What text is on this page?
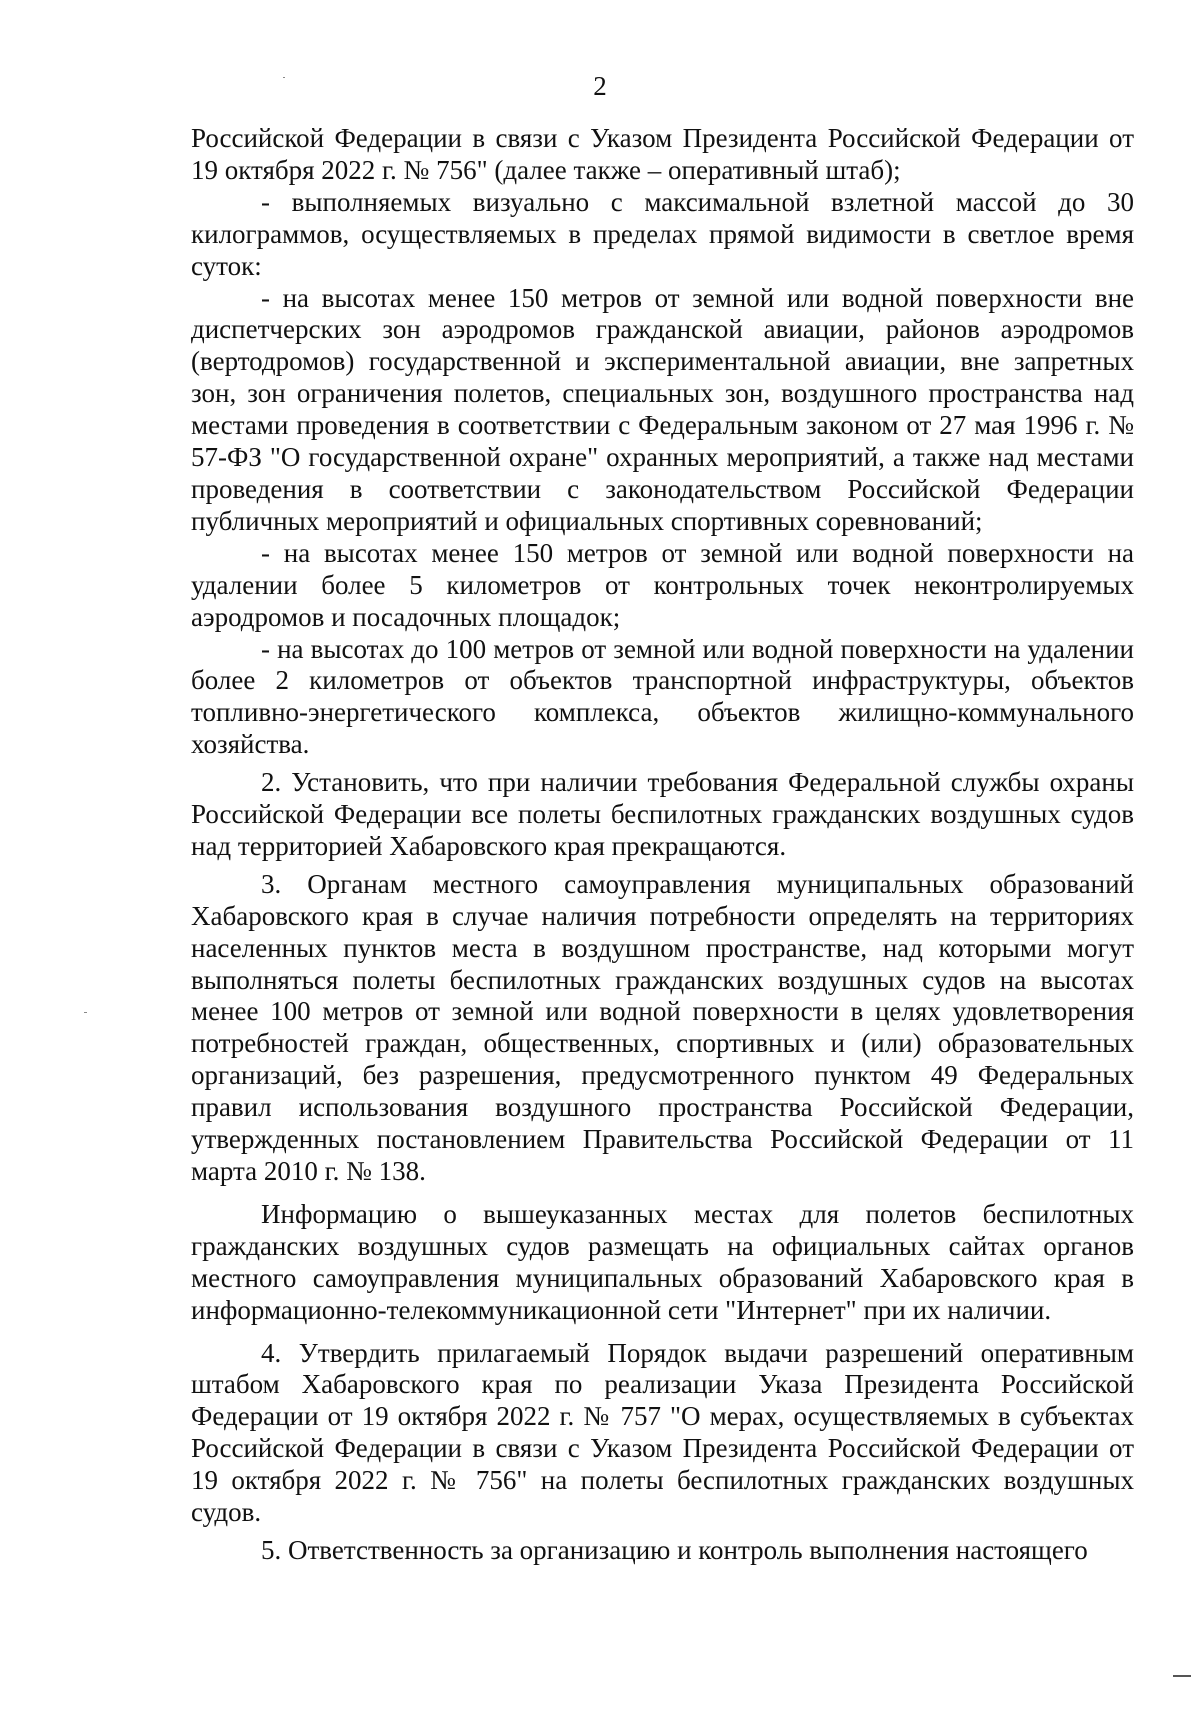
2

Российской Федерации в связи с Указом Президента Российской Федерации от 19 октября 2022 г. № 756" (далее также – оперативный штаб);

- выполняемых визуально с максимальной взлетной массой до 30 килограммов, осуществляемых в пределах прямой видимости в светлое время суток:

- на высотах менее 150 метров от земной или водной поверхности вне диспетчерских зон аэродромов гражданской авиации, районов аэродромов (вертодромов) государственной и экспериментальной авиации, вне запретных зон, зон ограничения полетов, специальных зон, воздушного пространства над местами проведения в соответствии с Федеральным законом от 27 мая 1996 г. № 57-ФЗ "О государственной охране" охранных мероприятий, а также над местами проведения в соответствии с законодательством Российской Федерации публичных мероприятий и официальных спортивных соревнований;

- на высотах менее 150 метров от земной или водной поверхности на удалении более 5 километров от контрольных точек неконтролируемых аэродромов и посадочных площадок;

- на высотах до 100 метров от земной или водной поверхности на удалении более 2 километров от объектов транспортной инфраструктуры, объектов топливно-энергетического комплекса, объектов жилищно-коммунального хозяйства.

2. Установить, что при наличии требования Федеральной службы охраны Российской Федерации все полеты беспилотных гражданских воздушных судов над территорией Хабаровского края прекращаются.

3. Органам местного самоуправления муниципальных образований Хабаровского края в случае наличия потребности определять на территориях населенных пунктов места в воздушном пространстве, над которыми могут выполняться полеты беспилотных гражданских воздушных судов на высотах менее 100 метров от земной или водной поверхности в целях удовлетворения потребностей граждан, общественных, спортивных и (или) образовательных организаций, без разрешения, предусмотренного пунктом 49 Федеральных правил использования воздушного пространства Российской Федерации, утвержденных постановлением Правительства Российской Федерации от 11 марта 2010 г. № 138.

Информацию о вышеуказанных местах для полетов беспилотных гражданских воздушных судов размещать на официальных сайтах органов местного самоуправления муниципальных образований Хабаровского края в информационно-телекоммуникационной сети "Интернет" при их наличии.

4. Утвердить прилагаемый Порядок выдачи разрешений оперативным штабом Хабаровского края по реализации Указа Президента Российской Федерации от 19 октября 2022 г. № 757 "О мерах, осуществляемых в субъектах Российской Федерации в связи с Указом Президента Российской Федерации от 19 октября 2022 г. № 756" на полеты беспилотных гражданских воздушных судов.

5. Ответственность за организацию и контроль выполнения настоящего
